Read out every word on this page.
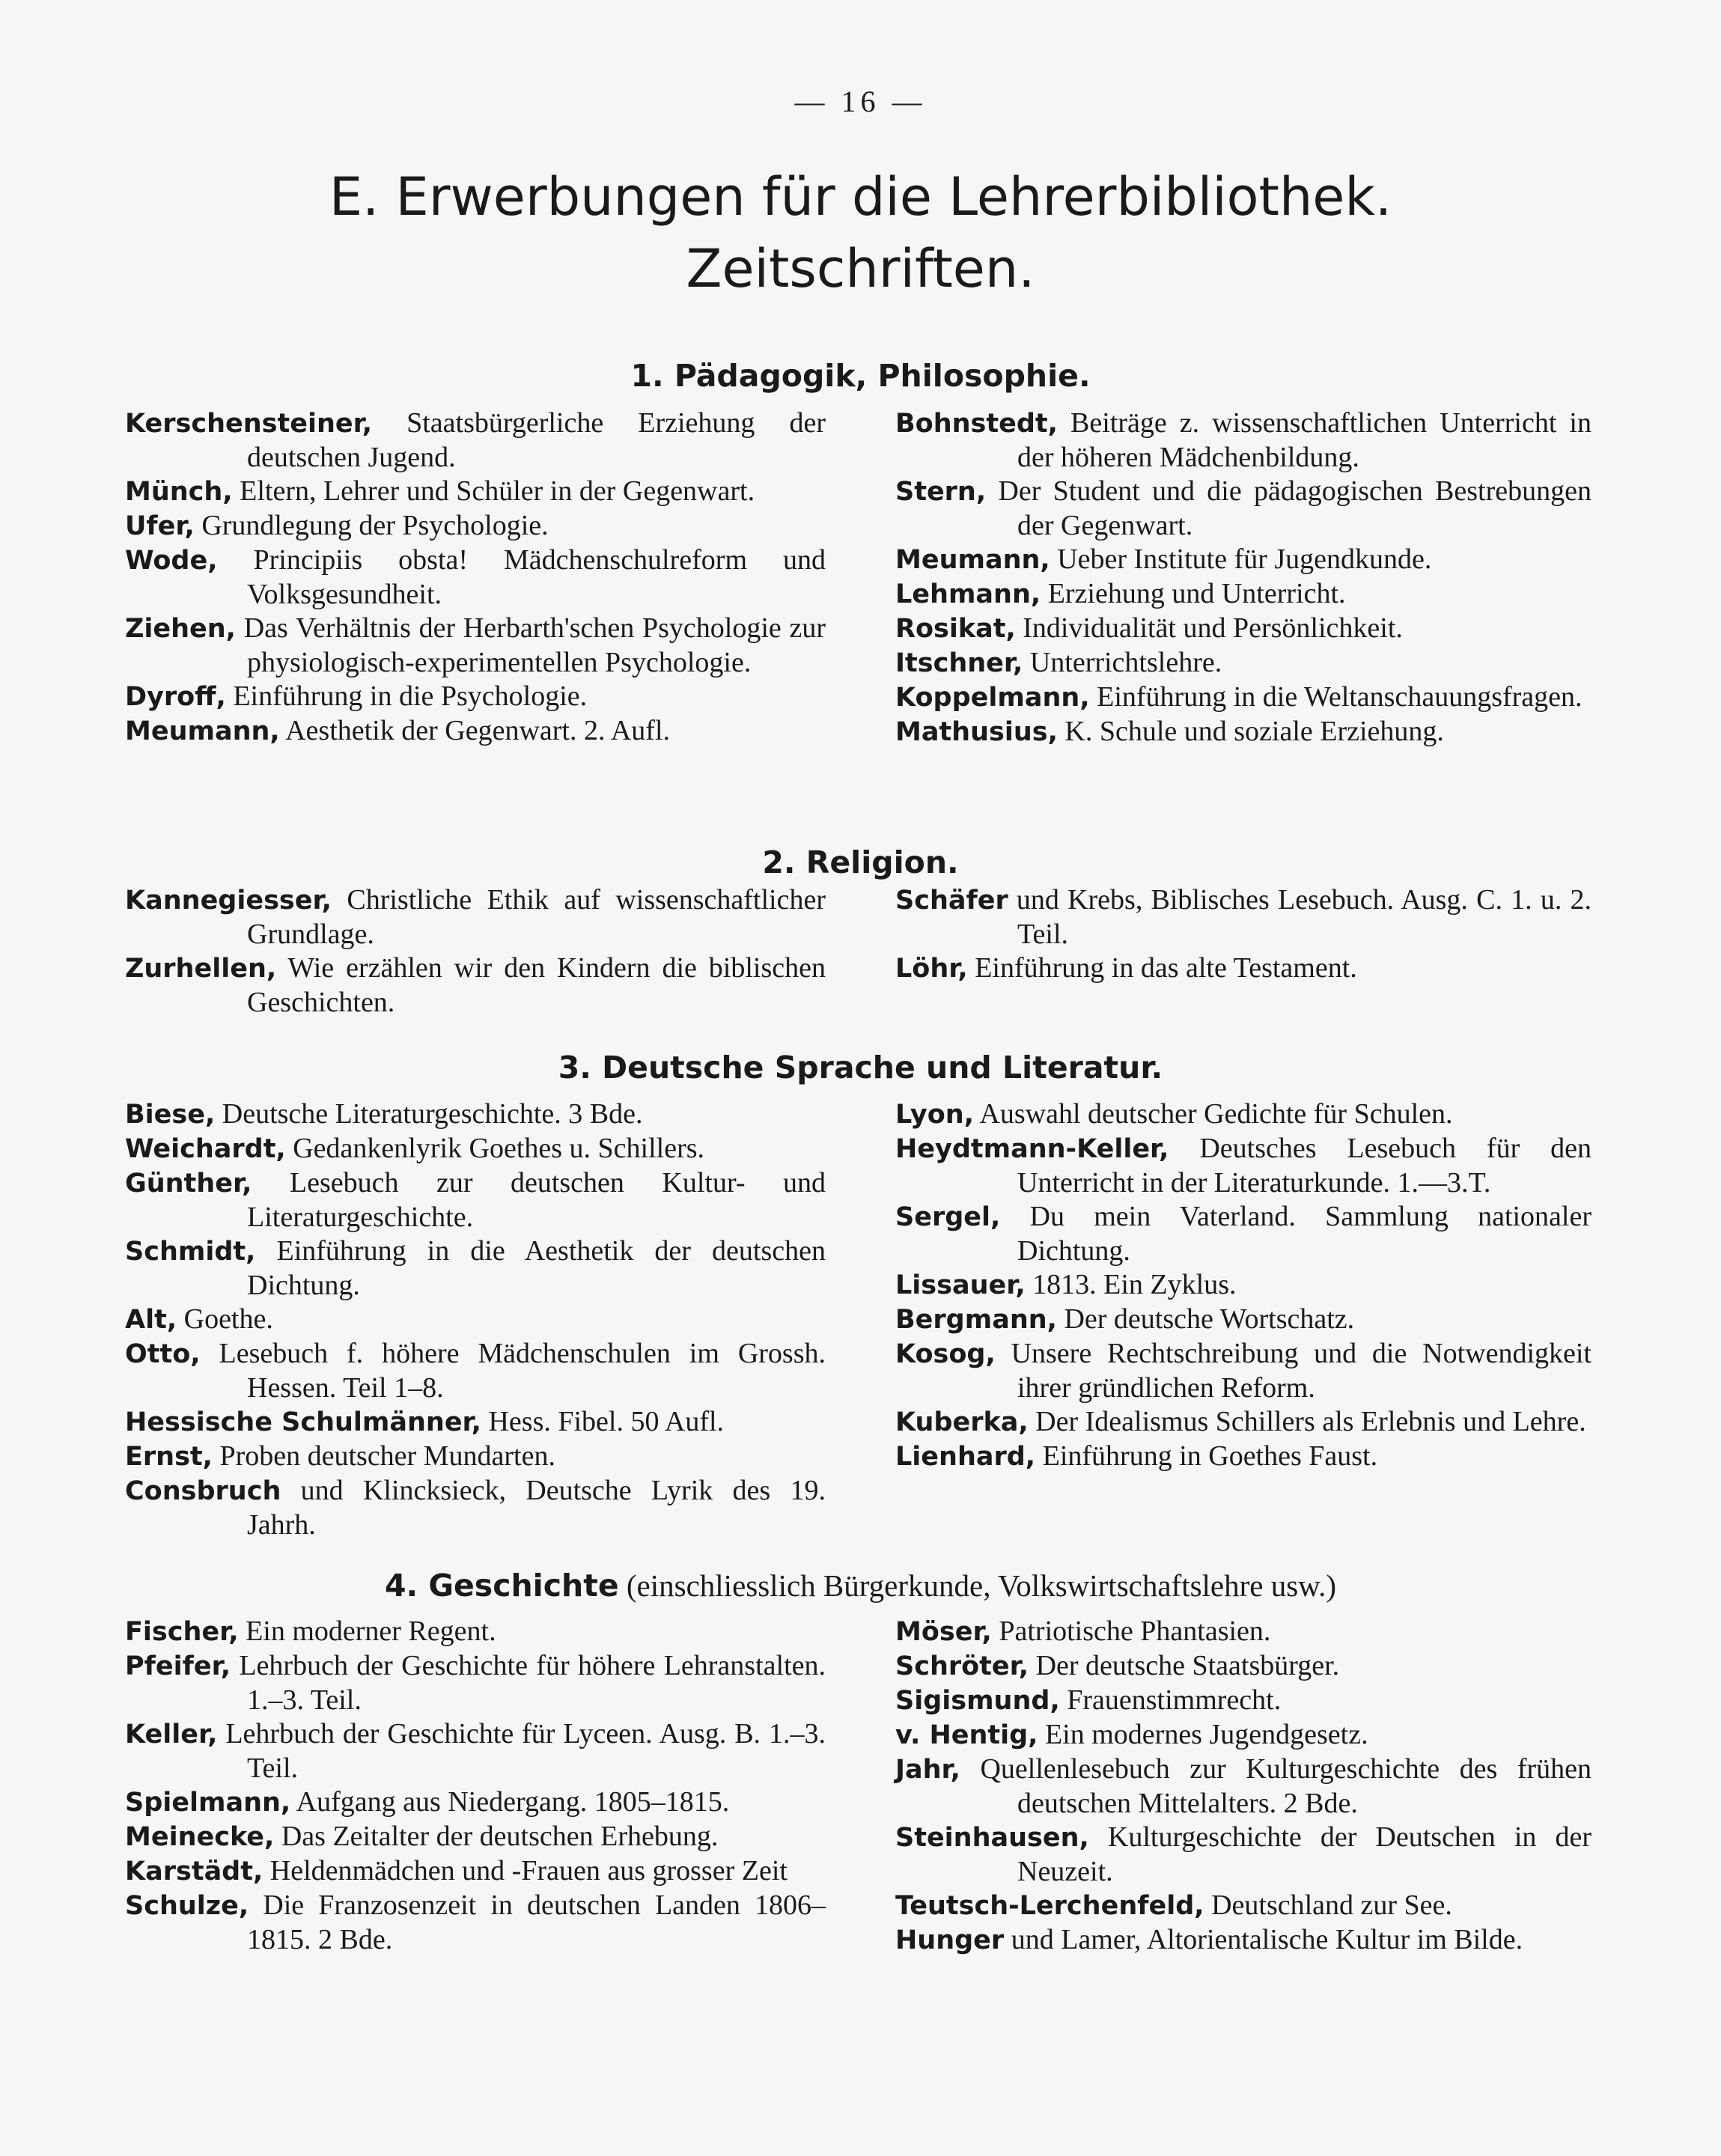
— 16 —
E. Erwerbungen für die Lehrerbibliothek.
Zeitschriften.
1. Pädagogik, Philosophie.

Kerschensteiner, Staatsbürgerliche Erziehung der deutschen Jugend.

Münch, Eltern, Lehrer und Schüler in der Gegenwart.

Ufer, Grundlegung der Psychologie.

Wode, Principiis obsta! Mädchenschulreform und Volksgesundheit.

Ziehen, Das Verhältnis der Herbarth'schen Psychologie zur physiologisch-experimentellen Psychologie.

Dyroff, Einführung in die Psychologie.

Meumann, Aesthetik der Gegenwart. 2. Aufl.

Bohnstedt, Beiträge z. wissenschaftlichen Unterricht in der höheren Mädchenbildung.

Stern, Der Student und die pädagogischen Bestrebungen der Gegenwart.

Meumann, Ueber Institute für Jugendkunde.

Lehmann, Erziehung und Unterricht.

Rosikat, Individualität und Persönlichkeit.

Itschner, Unterrichtslehre.

Koppelmann, Einführung in die Weltanschauungsfragen.

Mathusius, K. Schule und soziale Erziehung.

2. Religion.

Kannegiesser, Christliche Ethik auf wissenschaftlicher Grundlage.

Zurhellen, Wie erzählen wir den Kindern die biblischen Geschichten.

Schäfer und Krebs, Biblisches Lesebuch. Ausg. C. 1. u. 2. Teil.

Löhr, Einführung in das alte Testament.

3. Deutsche Sprache und Literatur.

Biese, Deutsche Literaturgeschichte. 3 Bde.

Weichardt, Gedankenlyrik Goethes u. Schillers.

Günther, Lesebuch zur deutschen Kultur- und Literaturgeschichte.

Schmidt, Einführung in die Aesthetik der deutschen Dichtung.

Alt, Goethe.

Otto, Lesebuch f. höhere Mädchenschulen im Grossh. Hessen. Teil 1–8.

Hessische Schulmänner, Hess. Fibel. 50 Aufl.

Ernst, Proben deutscher Mundarten.

Consbruch und Klincksieck, Deutsche Lyrik des 19. Jahrh.

Lyon, Auswahl deutscher Gedichte für Schulen.

Heydtmann-Keller, Deutsches Lesebuch für den Unterricht in der Literaturkunde. 1.—3.T.

Sergel, Du mein Vaterland. Sammlung nationaler Dichtung.

Lissauer, 1813. Ein Zyklus.

Bergmann, Der deutsche Wortschatz.

Kosog, Unsere Rechtschreibung und die Notwendigkeit ihrer gründlichen Reform.

Kuberka, Der Idealismus Schillers als Erlebnis und Lehre.

Lienhard, Einführung in Goethes Faust.

4. Geschichte (einschliesslich Bürgerkunde, Volkswirtschaftslehre usw.)

Fischer, Ein moderner Regent.

Pfeifer, Lehrbuch der Geschichte für höhere Lehranstalten. 1.–3. Teil.

Keller, Lehrbuch der Geschichte für Lyceen. Ausg. B. 1.–3. Teil.

Spielmann, Aufgang aus Niedergang. 1805–1815.

Meinecke, Das Zeitalter der deutschen Erhebung.

Karstädt, Heldenmädchen und -Frauen aus grosser Zeit

Schulze, Die Franzosenzeit in deutschen Landen 1806–1815. 2 Bde.

Möser, Patriotische Phantasien.

Schröter, Der deutsche Staatsbürger.

Sigismund, Frauenstimmrecht.

v. Hentig, Ein modernes Jugendgesetz.

Jahr, Quellenlesebuch zur Kulturgeschichte des frühen deutschen Mittelalters. 2 Bde.

Steinhausen, Kulturgeschichte der Deutschen in der Neuzeit.

Teutsch-Lerchenfeld, Deutschland zur See.

Hunger und Lamer, Altorientalische Kultur im Bilde.
